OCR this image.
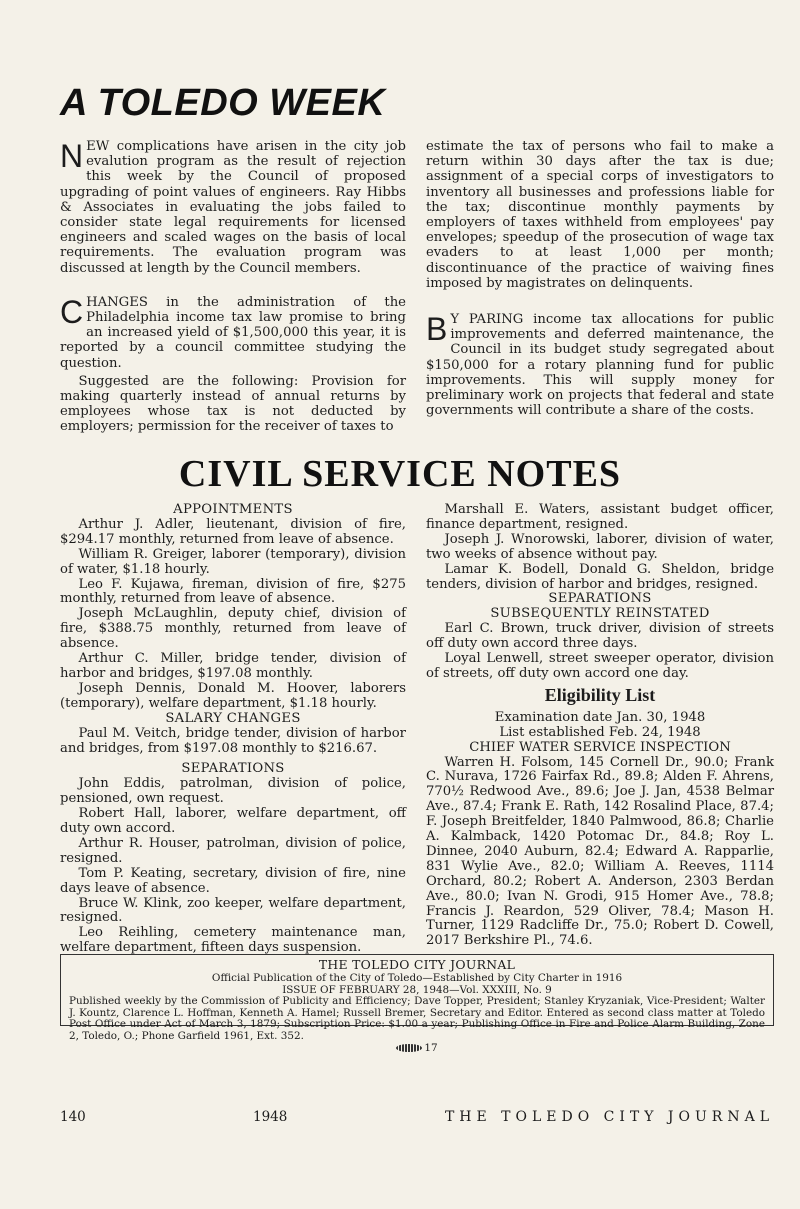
A TOLEDO WEEK

NEW complications have arisen in the city job evalution program as the result of rejection this week by the Council of proposed upgrading of point values of engineers. Ray Hibbs & Associates in evaluating the jobs failed to consider state legal requirements for licensed engineers and scaled wages on the basis of local requirements. The evaluation program was discussed at length by the Council members.

CHANGES in the administration of the Philadelphia income tax law promise to bring an increased yield of $1,500,000 this year, it is reported by a council committee studying the question.

Suggested are the following: Provision for making quarterly instead of annual returns by employees whose tax is not deducted by employers; permission for the receiver of taxes to

estimate the tax of persons who fail to make a return within 30 days after the tax is due; assignment of a special corps of investigators to inventory all businesses and professions liable for the tax; discontinue monthly payments by employers of taxes withheld from employees' pay envelopes; speedup of the prosecution of wage tax evaders to at least 1,000 per month; discontinuance of the practice of waiving fines imposed by magistrates on delinquents.

B Y PARING income tax allocations for public improvements and deferred maintenance, the Council in its budget study segregated about $150,000 for a rotary planning fund for public improvements. This will supply money for preliminary work on projects that federal and state governments will contribute a share of the costs.

CIVIL SERVICE NOTES

APPOINTMENTS

Arthur J. Adler, lieutenant, division of fire, $294.17 monthly, returned from leave of absence.

William R. Greiger, laborer (temporary), division of water, $1.18 hourly.

Leo F. Kujawa, fireman, division of fire, $275 monthly, returned from leave of absence.

Joseph McLaughlin, deputy chief, division of fire, $388.75 monthly, returned from leave of absence.

Arthur C. Miller, bridge tender, division of harbor and bridges, $197.08 monthly.

Joseph Dennis, Donald M. Hoover, laborers (temporary), welfare department, $1.18 hourly.

SALARY CHANGES

Paul M. Veitch, bridge tender, division of harbor and bridges, from $197.08 monthly to $216.67.

SEPARATIONS

John Eddis, patrolman, division of police, pensioned, own request.

Robert Hall, laborer, welfare department, off duty own accord.

Arthur R. Houser, patrolman, division of police, resigned.

Tom P. Keating, secretary, division of fire, nine days leave of absence.

Bruce W. Klink, zoo keeper, welfare department, resigned.

Leo Reihling, cemetery maintenance man, welfare department, fifteen days suspension.

Marshall E. Waters, assistant budget officer, finance department, resigned.

Joseph J. Wnorowski, laborer, division of water, two weeks of absence without pay.

Lamar K. Bodell, Donald G. Sheldon, bridge tenders, division of harbor and bridges, resigned.

SEPARATIONS

SUBSEQUENTLY REINSTATED

Earl C. Brown, truck driver, division of streets off duty own accord three days.

Loyal Lenwell, street sweeper operator, division of streets, off duty own accord one day.

Eligibility List

Examination date Jan. 30, 1948

List established Feb. 24, 1948

CHIEF WATER SERVICE INSPECTION

Warren H. Folsom, 145 Cornell Dr., 90.0; Frank C. Nurava, 1726 Fairfax Rd., 89.8; Alden F. Ahrens, 770½ Redwood Ave., 89.6; Joe J. Jan, 4538 Belmar Ave., 87.4; Frank E. Rath, 142 Rosalind Place, 87.4; F. Joseph Breitfelder, 1840 Palmwood, 86.8; Charlie A. Kalmback, 1420 Potomac Dr., 84.8; Roy L. Dinnee, 2040 Auburn, 82.4; Edward A. Rapparlie, 831 Wylie Ave., 82.0; William A. Reeves, 1114 Orchard, 80.2; Robert A. Anderson, 2303 Berdan Ave., 80.0; Ivan N. Grodi, 915 Homer Ave., 78.8; Francis J. Reardon, 529 Oliver, 78.4; Mason H. Turner, 1129 Radcliffe Dr., 75.0; Robert D. Cowell, 2017 Berkshire Pl., 74.6.

THE TOLEDO CITY JOURNAL
Official Publication of the City of Toledo—Established by City Charter in 1916
ISSUE OF FEBRUARY 28, 1948—Vol. XXXIII, No. 9
Published weekly by the Commission of Publicity and Efficiency; Dave Topper, President; Stanley Kryzaniak, Vice-President; Walter J. Kountz, Clarence L. Hoffman, Kenneth A. Hamel; Russell Bremer, Secretary and Editor. Entered as second class matter at Toledo Post Office under Act of March 3, 1879; Subscription Price: $1.00 a year; Publishing Office in Fire and Police Alarm Building, Zone 2, Toledo, O.; Phone Garfield 1961, Ext. 352.
17
140	1948	THE TOLEDO CITY JOURNAL
